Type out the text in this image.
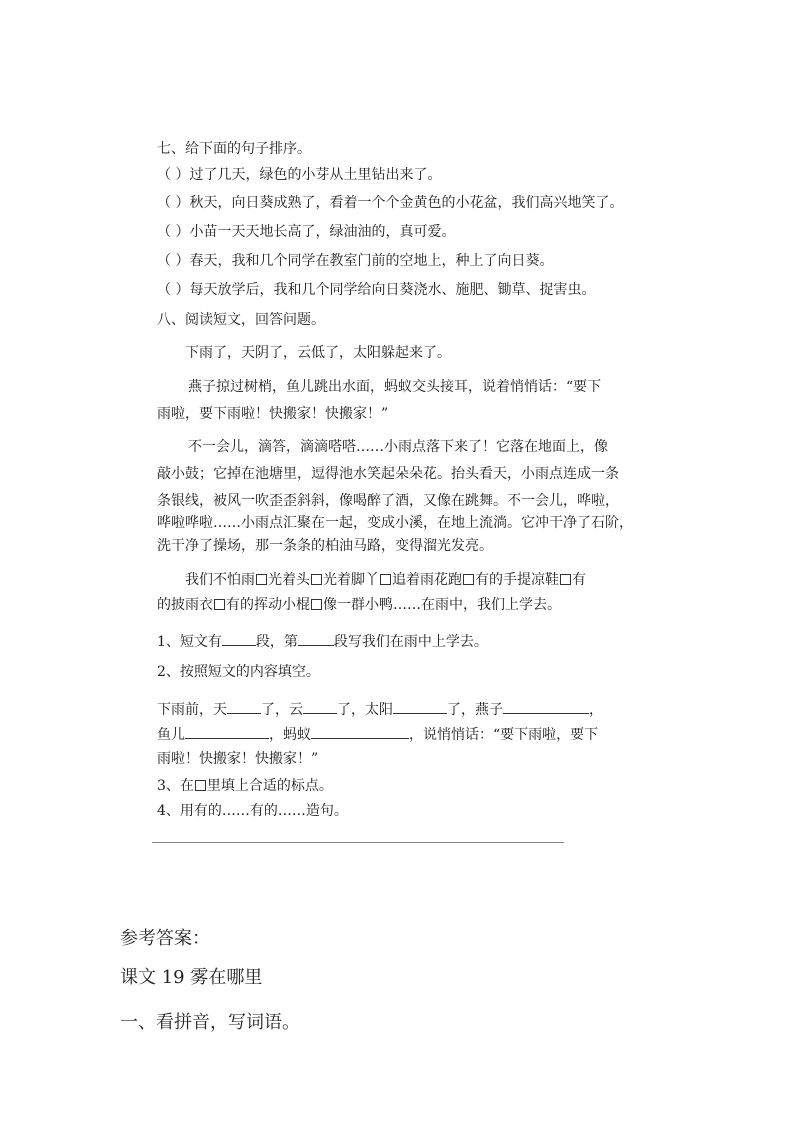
七、给下面的句子排序。
（ ）过了几天，绿色的小芽从土里钻出来了。
（ ）秋天，向日葵成熟了，看着一个个金黄色的小花盆，我们高兴地笑了。
（ ）小苗一天天地长高了，绿油油的，真可爱。
（ ）春天，我和几个同学在教室门前的空地上，种上了向日葵。
（ ）每天放学后，我和几个同学给向日葵浇水、施肥、锄草、捉害虫。
八、阅读短文，回答问题。
下雨了，天阴了，云低了，太阳躲起来了。
燕子掠过树梢，鱼儿跳出水面，蚂蚁交头接耳，说着悄悄话：“要下
雨啦，要下雨啦！快搬家！快搬家！”
不一会儿，滴答，滴滴嗒嗒……小雨点落下来了！它落在地面上，像
敲小鼓；它掉在池塘里，逗得池水笑起朵朵花。抬头看天，小雨点连成一条
条银线，被风一吹歪歪斜斜，像喝醉了酒，又像在跳舞。不一会儿，哗啦，
哗啦哗啦……小雨点汇聚在一起，变成小溪，在地上流淌。它冲干净了石阶，
洗干净了操场，那一条条的柏油马路，变得溜光发亮。
我们不怕雨 光着头 光着脚丫 追着雨花跑 有的手提凉鞋 有
的披雨衣 有的挥动小棍 像一群小鸭……在雨中，我们上学去。
1、短文有 段，第	段写我们在雨中上学去。
2、按照短文的内容填空。
下雨前，天 了，云 了，太阳	了，燕子	，
鱼儿	，蚂蚁	，说悄悄话：“要下雨啦，要下
雨啦！快搬家！快搬家！”
3、在 里填上合适的标点。
4、用有的……有的……造句。
参考答案：
课文 19 雾在哪里
一、看拼音，写词语。
